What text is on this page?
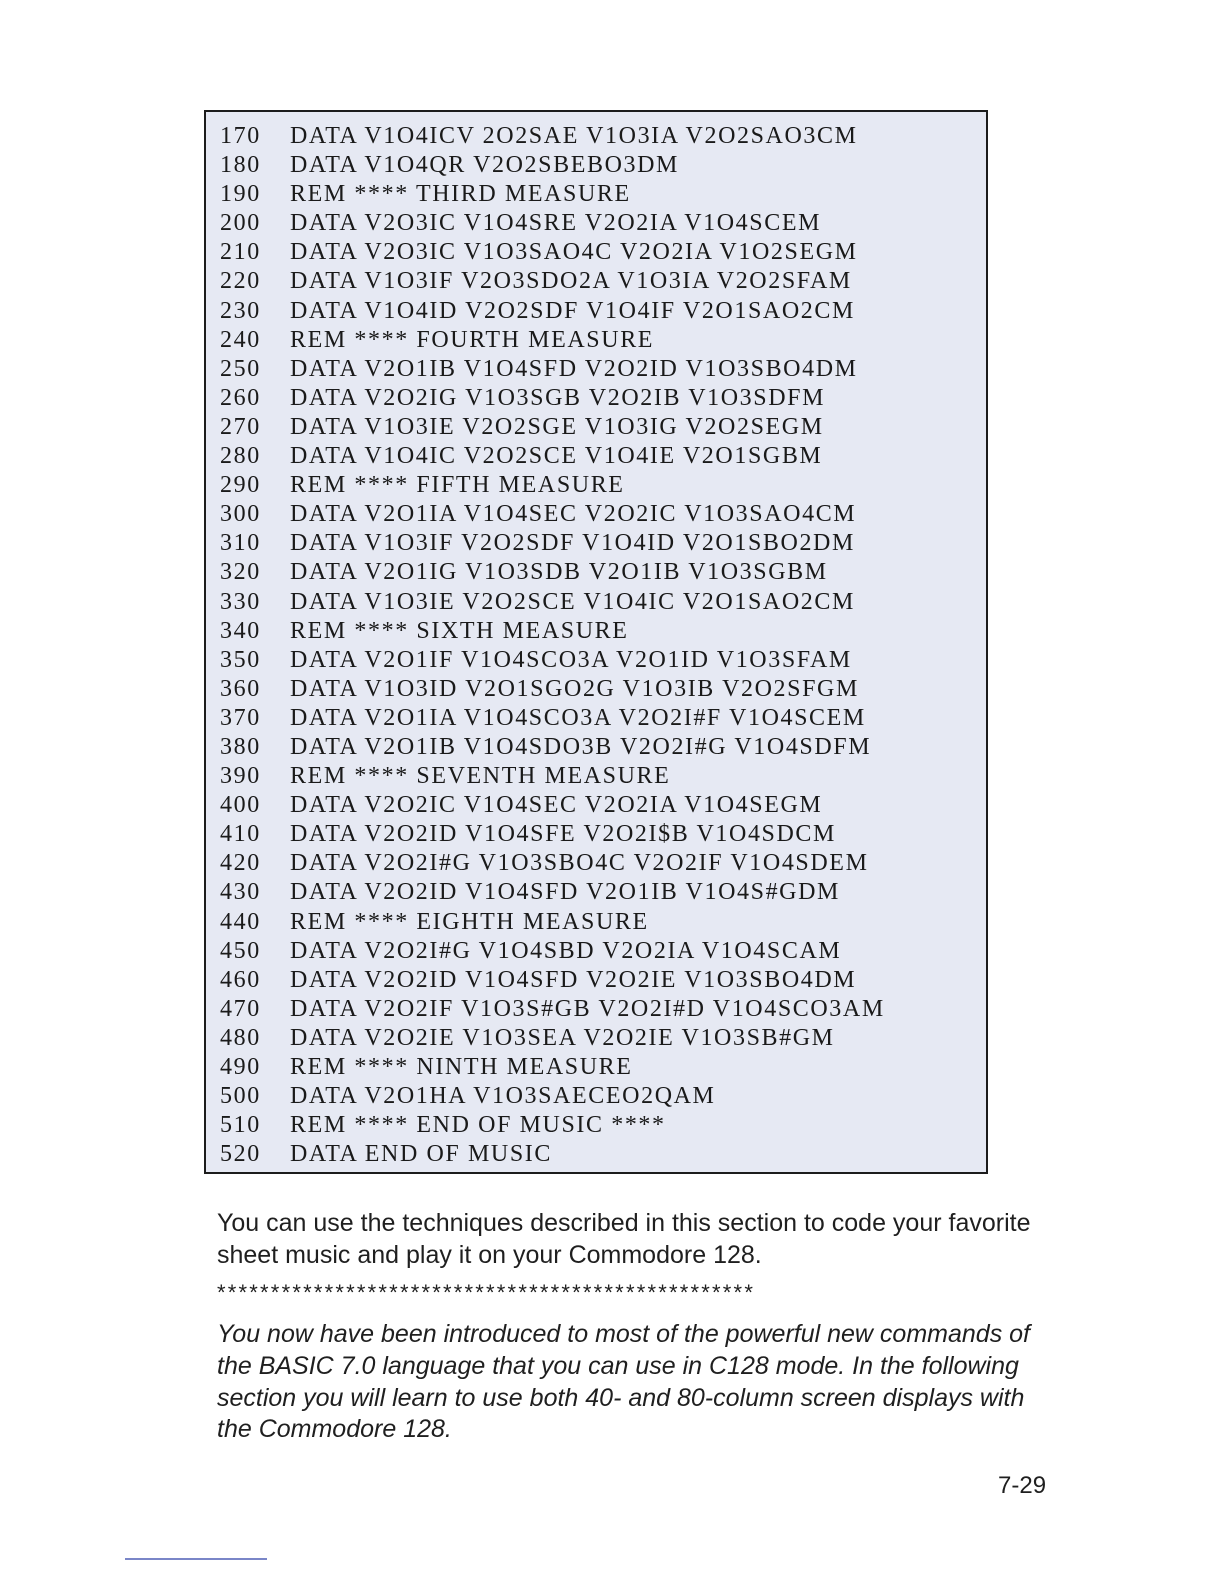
170 DATA V1O4ICV 2O2SAE V1O3IA V2O2SAO3CM
180 DATA V1O4QR V2O2SBEBO3DM
190 REM **** THIRD MEASURE
200 DATA V2O3IC V1O4SRE V2O2IA V1O4SCEM
210 DATA V2O3IC V1O3SAO4C V2O2IA V1O2SEGM
220 DATA V1O3IF V2O3SDO2A V1O3IA V2O2SFAM
230 DATA V1O4ID V2O2SDF V1O4IF V2O1SAO2CM
240 REM **** FOURTH MEASURE
250 DATA V2O1IB V1O4SFD V2O2ID V1O3SBO4DM
260 DATA V2O2IG V1O3SGB V2O2IB V1O3SDFM
270 DATA V1O3IE V2O2SGE V1O3IG V2O2SEGM
280 DATA V1O4IC V2O2SCE V1O4IE V2O1SGBM
290 REM **** FIFTH MEASURE
300 DATA V2O1IA V1O4SEC V2O2IC V1O3SAO4CM
310 DATA V1O3IF V2O2SDF V1O4ID V2O1SBO2DM
320 DATA V2O1IG V1O3SDB V2O1IB V1O3SGBM
330 DATA V1O3IE V2O2SCE V1O4IC V2O1SAO2CM
340 REM **** SIXTH MEASURE
350 DATA V2O1IF V1O4SCO3A V2O1ID V1O3SFAM
360 DATA V1O3ID V2O1SGO2G V1O3IB V2O2SFGM
370 DATA V2O1IA V1O4SCO3A V2O2I#F V1O4SCEM
380 DATA V2O1IB V1O4SDO3B V2O2I#G V1O4SDFM
390 REM **** SEVENTH MEASURE
400 DATA V2O2IC V1O4SEC V2O2IA V1O4SEGM
410 DATA V2O2ID V1O4SFE V2O2I$B V1O4SDCM
420 DATA V2O2I#G V1O3SBO4C V2O2IF V1O4SDEM
430 DATA V2O2ID V1O4SFD V2O1IB V1O4S#GDM
440 REM **** EIGHTH MEASURE
450 DATA V2O2I#G V1O4SBD V2O2IA V1O4SCAM
460 DATA V2O2ID V1O4SFD V2O2IE V1O3SBO4DM
470 DATA V2O2IF V1O3S#GB V2O2I#D V1O4SCO3AM
480 DATA V2O2IE V1O3SEA V2O2IE V1O3SB#GM
490 REM **** NINTH MEASURE
500 DATA V2O1HA V1O3SAECEO2QAM
510 REM **** END OF MUSIC ****
520 DATA END OF MUSIC
You can use the techniques described in this section to code your favorite sheet music and play it on your Commodore 128.
**************************************************
You now have been introduced to most of the powerful new commands of the BASIC 7.0 language that you can use in C128 mode. In the following section you will learn to use both 40- and 80-column screen displays with the Commodore 128.
7-29
